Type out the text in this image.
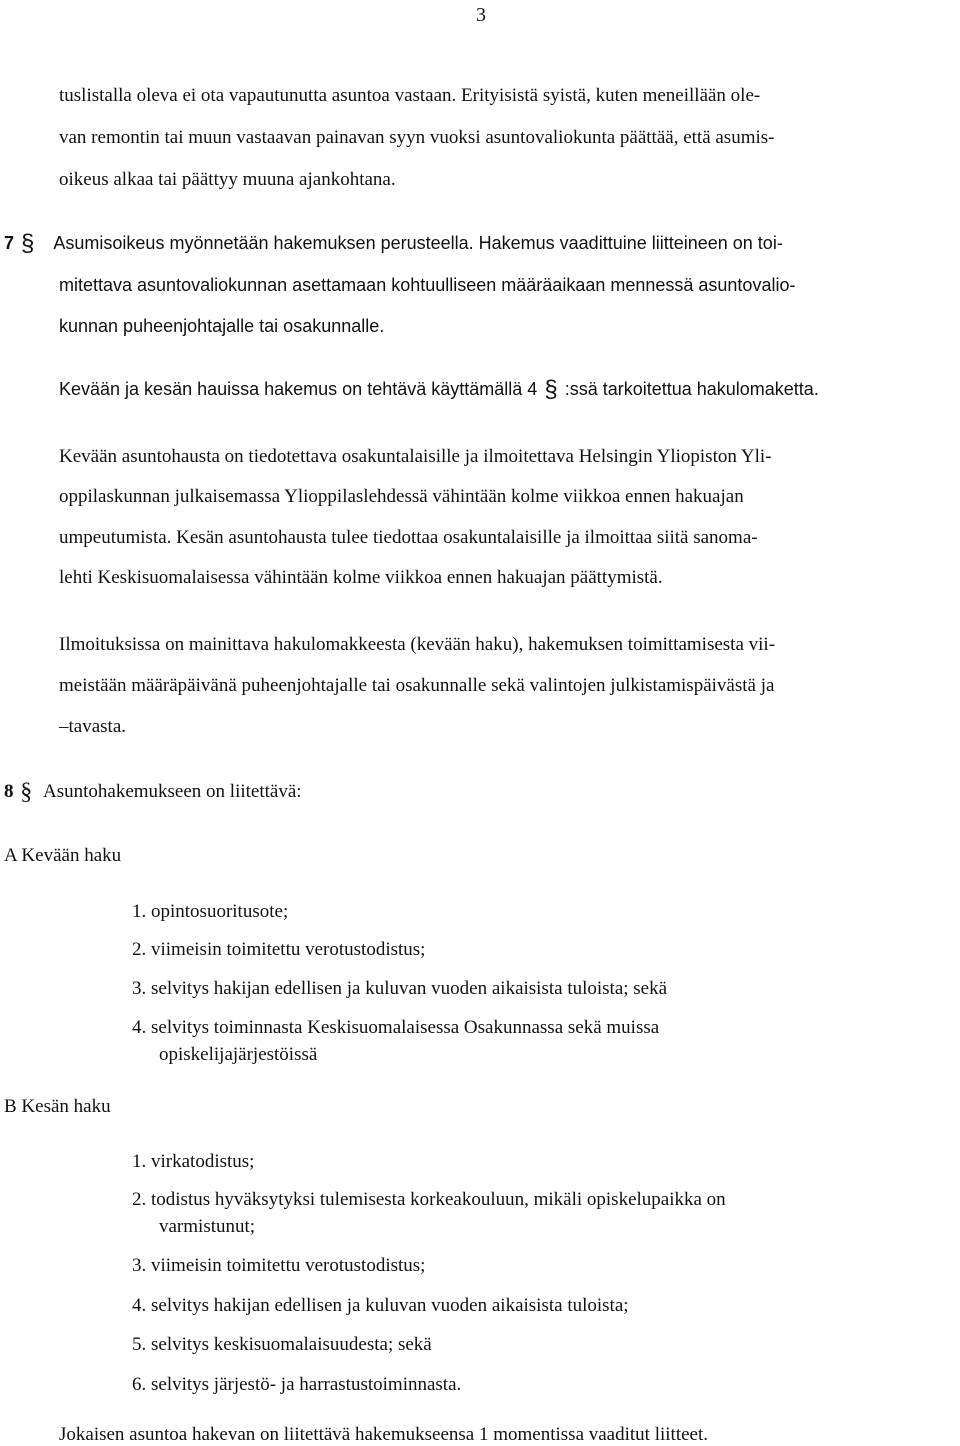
3
tuslistalla oleva ei ota vapautunutta asuntoa vastaan. Erityisistä syistä, kuten meneillään ole-
van remontin tai muun vastaavan painavan syyn vuoksi asuntovaliokunta päättää, että asumis-
oikeus alkaa tai päättyy muuna ajankohtana.
7 § Asumisoikeus myönnetään hakemuksen perusteella. Hakemus vaadittuine liitteineen on toi-
mitettava asuntovaliokunnan asettamaan kohtuulliseen määräaikaan mennessä asuntovalio-
kunnan puheenjohtajalle tai osakunnalle.
Kevään ja kesän hauissa hakemus on tehtävä käyttämällä 4 § :ssä tarkoitettua hakulomaketta.
Kevään asuntohausta on tiedotettava osakuntalaisille ja ilmoitettava Helsingin Yliopiston Yli-
oppilaskunnan julkaisemassa Ylioppilaslehdessä vähintään kolme viikkoa ennen hakuajan
umpeutumista. Kesän asuntohausta tulee tiedottaa osakuntalaisille ja ilmoittaa siitä sanoma-
lehti Keskisuomalaisessa vähintään kolme viikkoa ennen hakuajan päättymistä.
Ilmoituksissa on mainittava hakulomakkeesta (kevään haku), hakemuksen toimittamisesta vii-
meistään määräpäivänä puheenjohtajalle tai osakunnalle sekä valintojen julkistamispäivästä ja
–tavasta.
8 § Asuntohakemukseen on liitettävä:
A Kevään haku
1. opintosuoritusote;
2. viimeisin toimitettu verotustodistus;
3. selvitys hakijan edellisen ja kuluvan vuoden aikaisista tuloista; sekä
4. selvitys toiminnasta Keskisuomalaisessa Osakunnassa sekä muissa
opiskelijajärjestöissä
B Kesän haku
1. virkatodistus;
2. todistus hyväksytyksi tulemisesta korkeakouluun, mikäli opiskelupaikka on
varmistunut;
3. viimeisin toimitettu verotustodistus;
4. selvitys hakijan edellisen ja kuluvan vuoden aikaisista tuloista;
5. selvitys keskisuomalaisuudesta; sekä
6. selvitys järjestö- ja harrastustoiminnasta.
Jokaisen asuntoa hakevan on liitettävä hakemukseensa 1 momentissa vaaditut liitteet.
